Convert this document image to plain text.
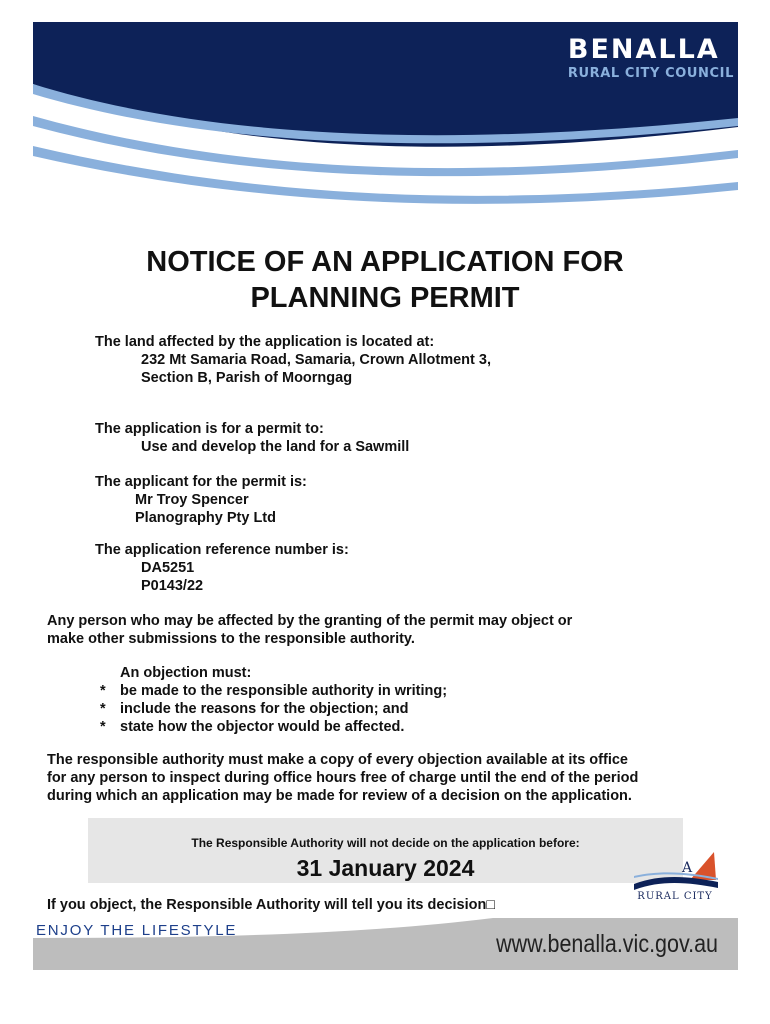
BENALLA
RURAL CITY COUNCIL
NOTICE OF AN APPLICATION FOR
PLANNING PERMIT
The land affected by the application is located at:
232 Mt Samaria Road, Samaria, Crown Allotment 3,
Section B, Parish of Moorngag
The application is for a permit to:
Use and develop the land for a Sawmill
The applicant for the permit is:
Mr Troy Spencer
Planography Pty Ltd
The application reference number is:
DA5251
P0143/22
Any person who may be affected by the granting of the permit may object or
make other submissions to the responsible authority.
An objection must:
* be made to the responsible authority in writing;
* include the reasons for the objection; and
* state how the objector would be affected.
The responsible authority must make a copy of every objection available at its office
for any person to inspect during office hours free of charge until the end of the period
during which an application may be made for review of a decision on the application.
The Responsible Authority will not decide on the application before:
31 January 2024	A
RURAL CITY
If you object, the Responsible Authority will tell you its decision□
ENJOY THE LIFESTYLE	www.benalla.vic.gov.au
